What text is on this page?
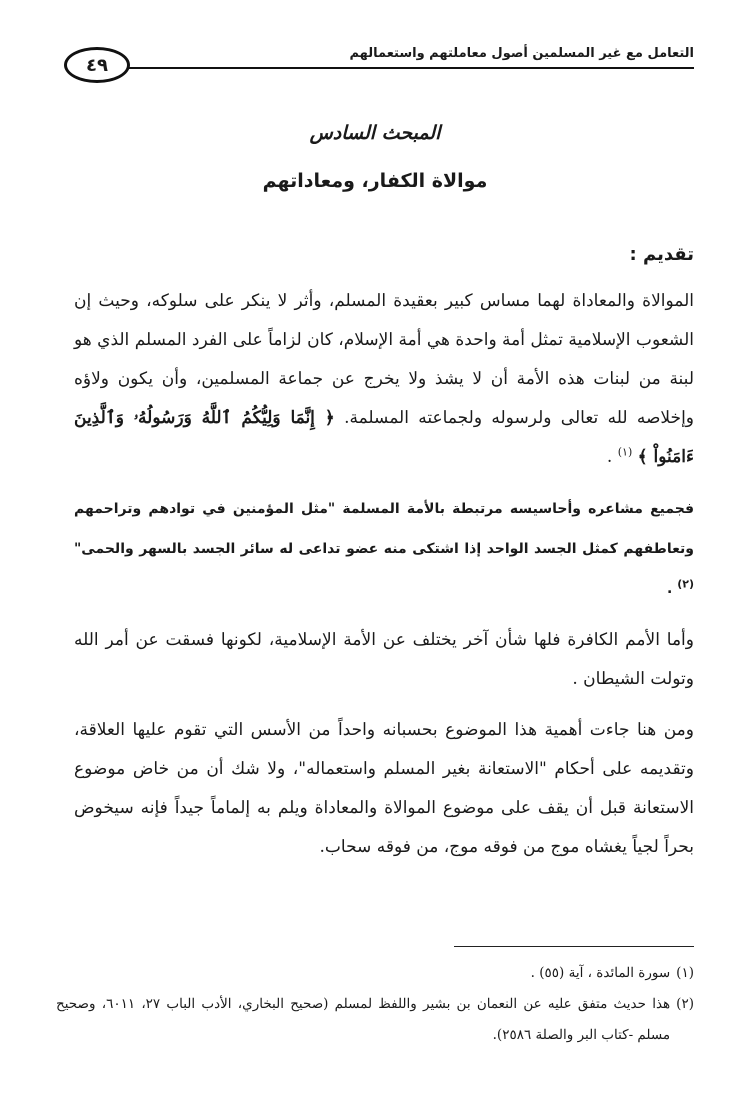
التعامل مع غير المسلمين أصول معاملتهم واستعمالهم
٤٩
المبحث السادس
موالاة الكفار، ومعاداتهم
تقديم :

الموالاة والمعاداة لهما مساس كبير بعقيدة المسلم، وأثر لا ينكر على سلوكه، وحيث إن الشعوب الإسلامية تمثل أمة واحدة هي أمة الإسلام، كان لزاماً على الفرد المسلم الذي هو لبنة من لبنات هذه الأمة أن لا يشذ ولا يخرج عن جماعة المسلمين، وأن يكون ولاؤه وإخلاصه لله تعالى ولرسوله ولجماعته المسلمة. ﴿ إِنَّمَا وَلِيُّكُمُ ٱللَّهُ وَرَسُولُهُۥ وَٱلَّذِينَ ءَامَنُواْ ﴾ $^{(١)}$ .

فجميع مشاعره وأحاسيسه مرتبطة بالأمة المسلمة "مثل المؤمنين في توادهم وتراحمهم وتعاطفهم كمثل الجسد الواحد إذا اشتكى منه عضو تداعى له سائر الجسد بالسهر والحمى"$^{(٢)}$ .

وأما الأمم الكافرة فلها شأن آخر يختلف عن الأمة الإسلامية، لكونها فسقت عن أمر الله وتولت الشيطان .

ومن هنا جاءت أهمية هذا الموضوع بحسبانه واحداً من الأسس التي تقوم عليها العلاقة، وتقديمه على أحكام "الاستعانة بغير المسلم واستعماله"، ولا شك أن من خاض موضوع الاستعانة قبل أن يقف على موضوع الموالاة والمعاداة ويلم به إلماماً جيداً فإنه سيخوض بحراً لجياً يغشاه موج من فوقه موج، من فوقه سحاب.

(١)
سورة المائدة ، آية (٥٥) .
(٢)
هذا حديث متفق عليه عن النعمان بن بشير واللفظ لمسلم (صحيح البخاري، الأدب الباب ٢٧، ٦٠١١، وصحيح مسلم -كتاب البر والصلة ٢٥٨٦).
